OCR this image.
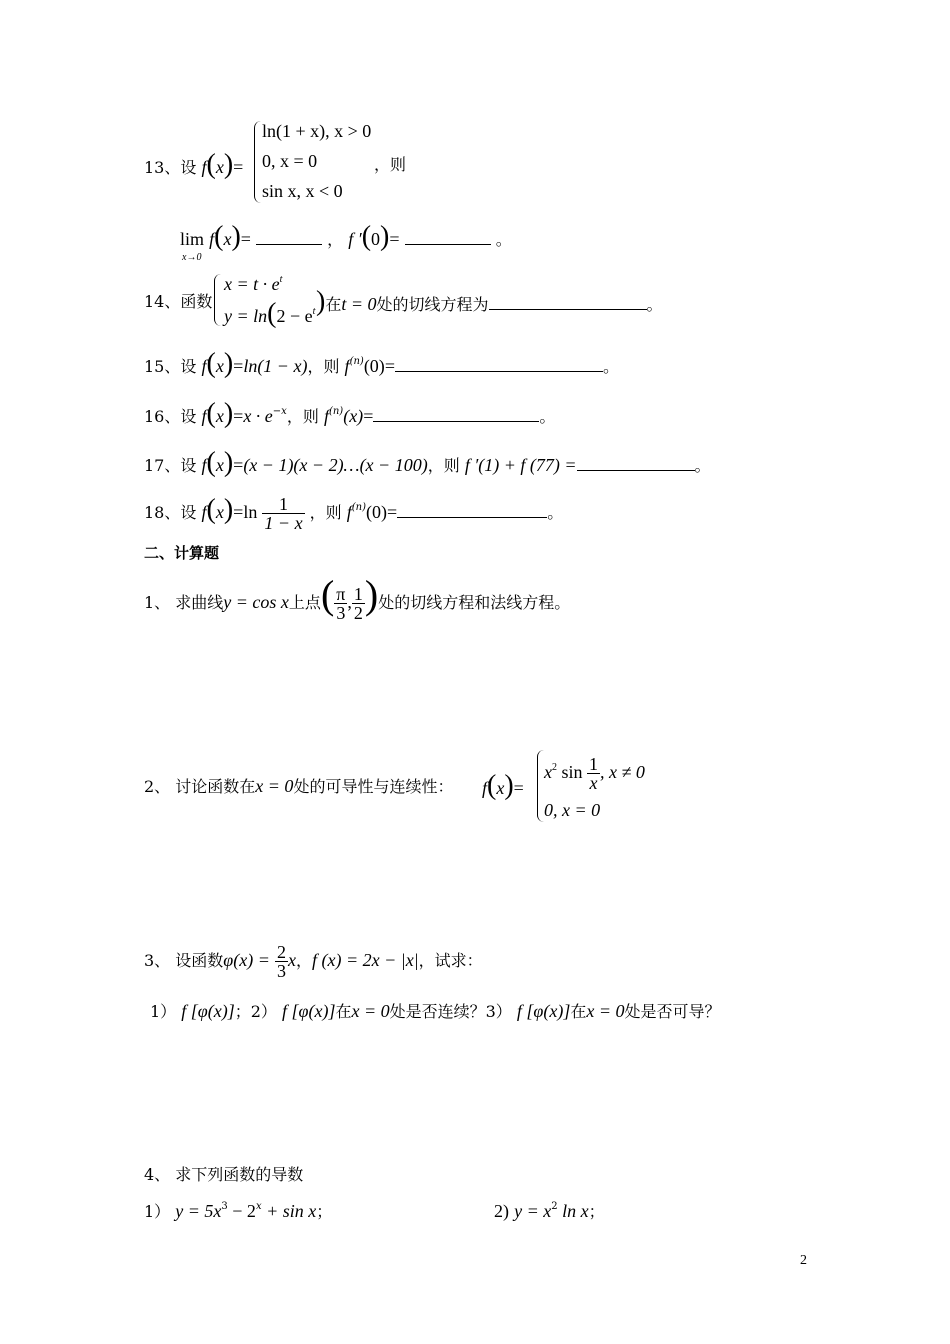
13、设 f(x)=
ln(1 + x), x > 0
0, x = 0
sin x, x < 0
，则
lim f(x)=	， f ′(0)=	。
x→0
14、函数
$x = t \cdot e^t$
$y = \ln(2 - e^t$ )在t = 0处的切线方程为	。
15、设 f(x)=ln(1 − x)，则 $f^{(n)}(0)=$	。
16、设 $f(x)=x \cdot e^{-x}$，则 $f^{(n)}(x)=$	。
17、设 f(x)=(x − 1)(x − 2)…(x − 100)，则 f ′(1) + f (77) =	。
18、设 $f(x)=\ln \frac{1}{1 - x}$ ，则 $f^{(n)}(0)=$	。
二、计算题
1、 求曲线y = cos x上点( $\frac{\pi}{3}$ , $\frac{1}{2}$ )处的切线方程和法线方程。
2、 讨论函数在x = 0处的可导性与连续性： f(x)=
$x^2$ $\sin \frac{1}{x}$ , x ≠ 0
0, x = 0
3、 设函数$\varphi(x) = \frac{2}{3}$ x，f (x) = 2x − |x|，试求：
1） f [φ(x)]；2） f [φ(x)]在x = 0处是否连续？3） f [φ(x)]在x = 0处是否可导？
4、 求下列函数的导数
1） $y = 5x^3 - 2^x + \sin x$；	2) $y = x^2$ ln x；
2
